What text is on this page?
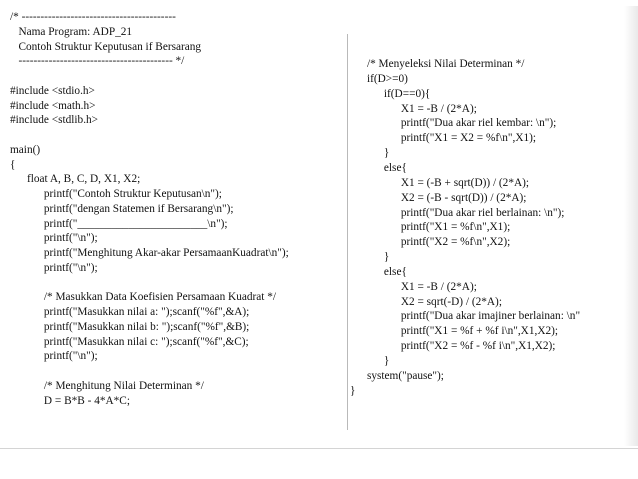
/* -----------------------------------------
Nama Program: ADP_21
Contoh Struktur Keputusan if Bersarang
----------------------------------------- */
#include <stdio.h>
#include <math.h>
#include <stdlib.h>
main()
{
float A, B, C, D, X1, X2;
printf("Contoh Struktur Keputusan\n");
printf("dengan Statemen if Bersarang\n");
printf("_______________________\n");
printf("\n");
printf("Menghitung Akar-akar PersamaanKuadrat\n");
printf("\n");
/* Masukkan Data Koefisien Persamaan Kuadrat */
printf("Masukkan nilai a: ");scanf("%f",&A);
printf("Masukkan nilai b: ");scanf("%f",&B);
printf("Masukkan nilai c: ");scanf("%f",&C);
printf("\n");
/* Menghitung Nilai Determinan */
D = B*B - 4*A*C;
/* Menyeleksi Nilai Determinan */
if(D>=0)
if(D==0){
X1 = -B / (2*A);
printf("Dua akar riel kembar: \n");
printf("X1 = X2 = %f\n",X1);
}
else{
X1 = (-B + sqrt(D)) / (2*A);
X2 = (-B - sqrt(D)) / (2*A);
printf("Dua akar riel berlainan: \n");
printf("X1 = %f\n",X1);
printf("X2 = %f\n",X2);
}
else{
X1 = -B / (2*A);
X2 = sqrt(-D) / (2*A);
printf("Dua akar imajiner berlainan: \n"
printf("X1 = %f + %f i\n",X1,X2);
printf("X2 = %f - %f i\n",X1,X2);
}
system("pause");
}
